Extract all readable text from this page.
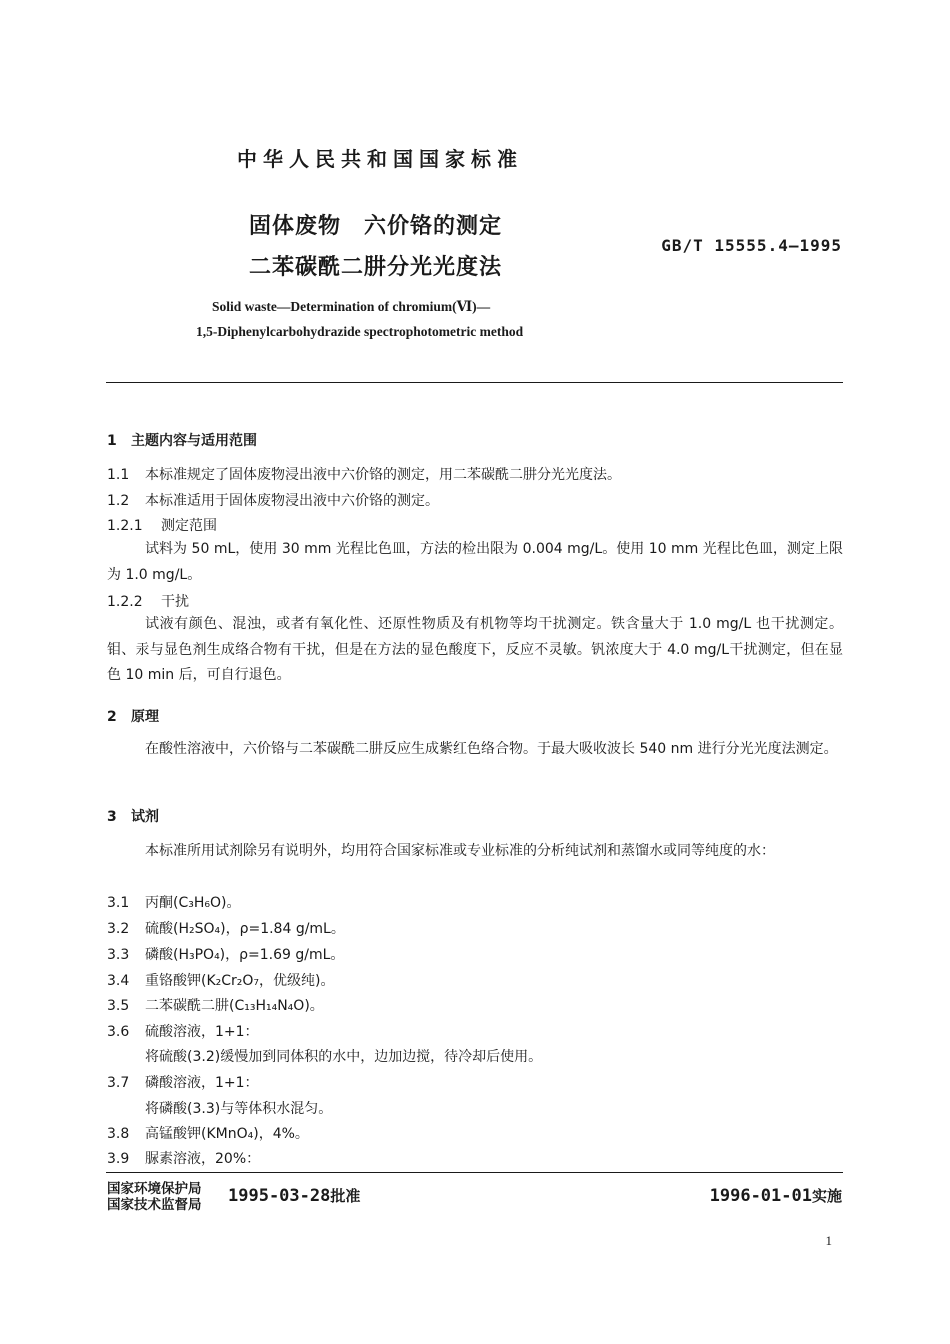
中华人民共和国国家标准
固体废物　六价铬的测定
二苯碳酰二肼分光光度法
GB/T 15555.4—1995
Solid waste—Determination of chromium(Ⅵ)—
1,5-Diphenylcarbohydrazide spectrophotometric method
1 主题内容与适用范围
1.1 本标准规定了固体废物浸出液中六价铬的测定，用二苯碳酰二肼分光光度法。
1.2 本标准适用于固体废物浸出液中六价铬的测定。
1.2.1 测定范围
试料为 50 mL，使用 30 mm 光程比色皿，方法的检出限为 0.004 mg/L。使用 10 mm 光程比色皿，测定上限为 1.0 mg/L。
1.2.2 干扰
试液有颜色、混浊，或者有氧化性、还原性物质及有机物等均干扰测定。铁含量大于 1.0 mg/L 也干扰测定。钼、汞与显色剂生成络合物有干扰，但是在方法的显色酸度下，反应不灵敏。钒浓度大于 4.0 mg/L干扰测定，但在显色 10 min 后，可自行退色。
2 原理
在酸性溶液中，六价铬与二苯碳酰二肼反应生成紫红色络合物。于最大吸收波长 540 nm 进行分光光度法测定。
3 试剂
本标准所用试剂除另有说明外，均用符合国家标准或专业标准的分析纯试剂和蒸馏水或同等纯度的水：
3.1 丙酮(C₃H₆O)。
3.2 硫酸(H₂SO₄)，ρ=1.84 g/mL。
3.3 磷酸(H₃PO₄)，ρ=1.69 g/mL。
3.4 重铬酸钾(K₂Cr₂O₇，优级纯)。
3.5 二苯碳酰二肼(C₁₃H₁₄N₄O)。
3.6 硫酸溶液，1+1：
将硫酸(3.2)缓慢加到同体积的水中，边加边搅，待冷却后使用。
3.7 磷酸溶液，1+1：
将磷酸(3.3)与等体积水混匀。
3.8 高锰酸钾(KMnO₄)，4%。
3.9 脲素溶液，20%：
国家环境保护局
国家技术监督局 1995-03-28批准	1996-01-01实施
1
